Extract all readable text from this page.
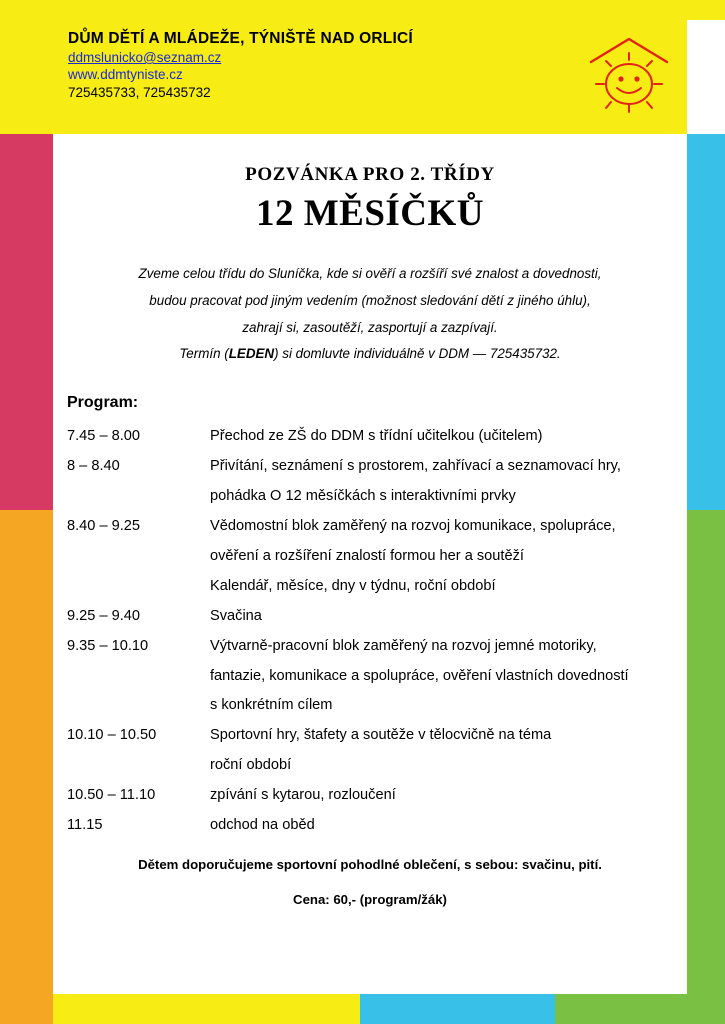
DŮM DĚTÍ A MLÁDEŽE, TÝNIŠTĚ NAD ORLICÍ
ddmslunicko@seznam.cz
www.ddmtyniste.cz
725435733, 725435732
POZVÁNKA PRO 2. TŘÍDY
12 MĚSÍČKŮ
Zveme celou třídu do Sluníčka, kde si ověří a rozšíří své znalost a dovednosti,
budou pracovat pod jiným vedením (možnost sledování dětí z jiného úhlu),
zahrají si, zasoutěží, zasportují a zazpívají.
Termín (LEDEN) si domluvte individuálně v DDM — 725435732.
Program:
7.45 – 8.00	Přechod ze ZŠ do DDM s třídní učitelkou (učitelem)

8 – 8.40	Přivítání, seznámení s prostorem, zahřívací a seznamovací hry,
pohádka O 12 měsíčkách s interaktivními prvky

8.40 – 9.25	Vědomostní blok zaměřený na rozvoj komunikace, spolupráce,
ověření a rozšíření znalostí formou her a soutěží
Kalendář, měsíce, dny v týdnu, roční období

9.25 – 9.40	Svačina

9.35 – 10.10	Výtvarně-pracovní blok zaměřený na rozvoj jemné motoriky,
fantazie, komunikace a spolupráce, ověření vlastních dovedností
s konkrétním cílem

10.10 – 10.50	Sportovní hry, štafety a soutěže v tělocvičně na téma
roční období

10.50 – 11.10	zpívání s kytarou, rozloučení

11.15	odchod na oběd
Dětem doporučujeme sportovní pohodlné oblečení, s sebou: svačinu, pití.
Cena: 60,- (program/žák)
